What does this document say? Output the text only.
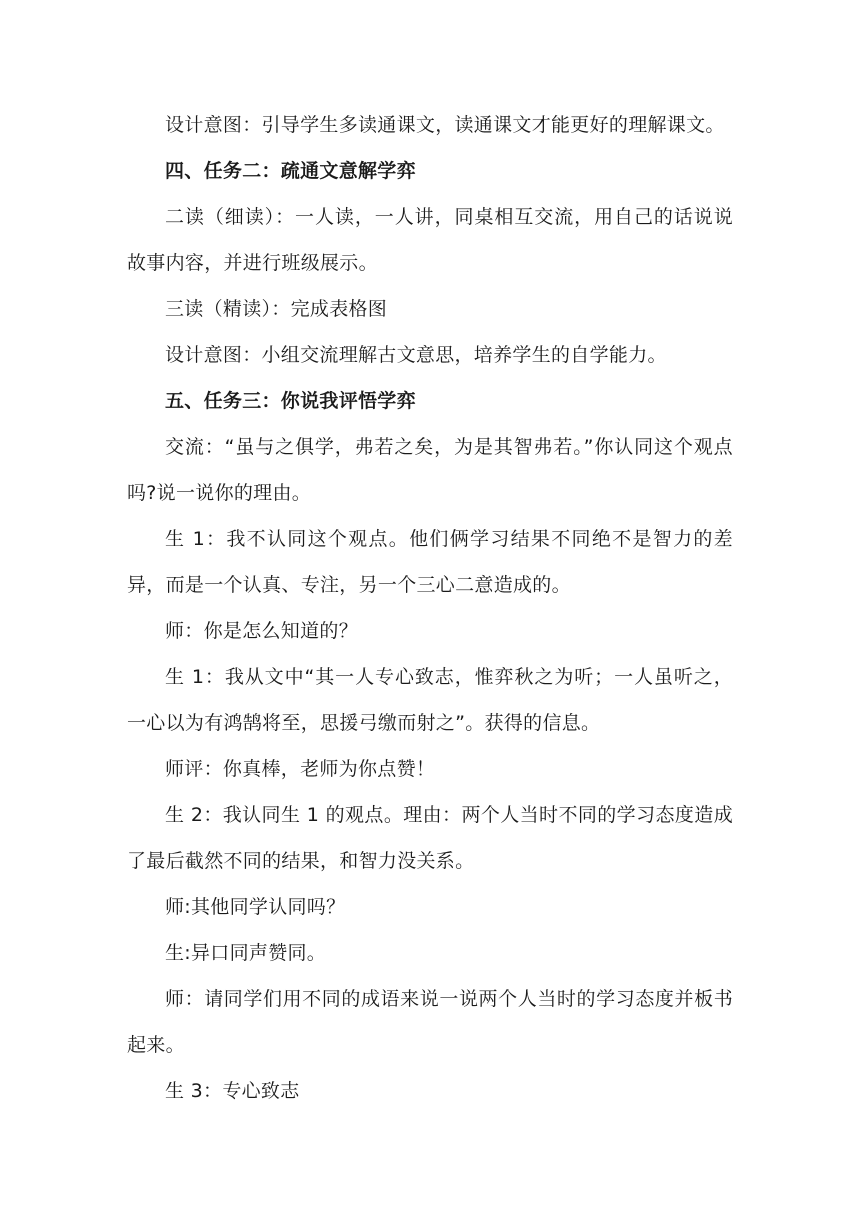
设计意图：引导学生多读通课文，读通课文才能更好的理解课文。

四、任务二：疏通文意解学弈

二读（细读）：一人读，一人讲，同桌相互交流，用自己的话说说故事内容，并进行班级展示。

三读（精读）：完成表格图

设计意图：小组交流理解古文意思，培养学生的自学能力。

五、任务三：你说我评悟学弈

交流：“虽与之俱学，弗若之矣，为是其智弗若。”你认同这个观点吗?说一说你的理由。

生 1：我不认同这个观点。他们俩学习结果不同绝不是智力的差异，而是一个认真、专注，另一个三心二意造成的。

师：你是怎么知道的？

生 1：我从文中“其一人专心致志，惟弈秋之为听；一人虽听之，一心以为有鸿鹄将至，思援弓缴而射之”。获得的信息。

师评：你真棒，老师为你点赞！

生 2：我认同生 1 的观点。理由：两个人当时不同的学习态度造成了最后截然不同的结果，和智力没关系。

师:其他同学认同吗？

生:异口同声赞同。

师：请同学们用不同的成语来说一说两个人当时的学习态度并板书起来。

生 3：专心致志
